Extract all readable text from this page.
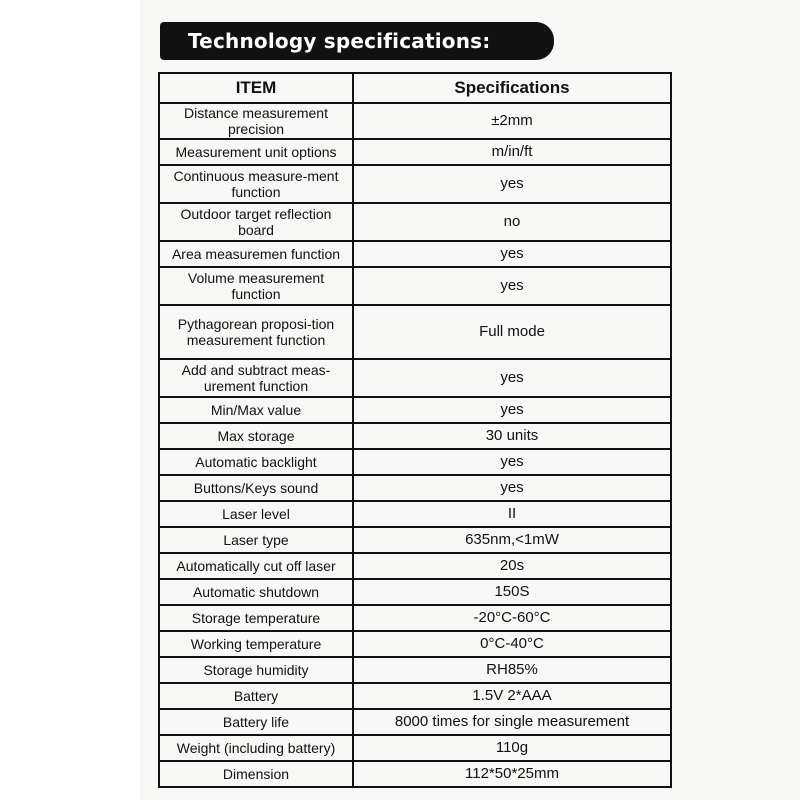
Technology specifications:
ITEM	Specifications
Distance measurement precision	±2mm
Measurement unit options	m/in/ft
Continuous measure-ment function	yes
Outdoor target reflection board	no
Area measuremen function	yes
Volume measurement function	yes
Pythagorean proposi-tion measurement function	Full mode
Add and subtract meas-urement function	yes
Min/Max value	yes
Max storage	30 units
Automatic backlight	yes
Buttons/Keys sound	yes
Laser level	II
Laser type	635nm,<1mW
Automatically cut off laser	20s
Automatic shutdown	150S
Storage temperature	-20°C-60°C
Working temperature	0°C-40°C
Storage humidity	RH85%
Battery	1.5V 2*AAA
Battery life	8000 times for single measurement
Weight (including battery)	110g
Dimension	112*50*25mm
